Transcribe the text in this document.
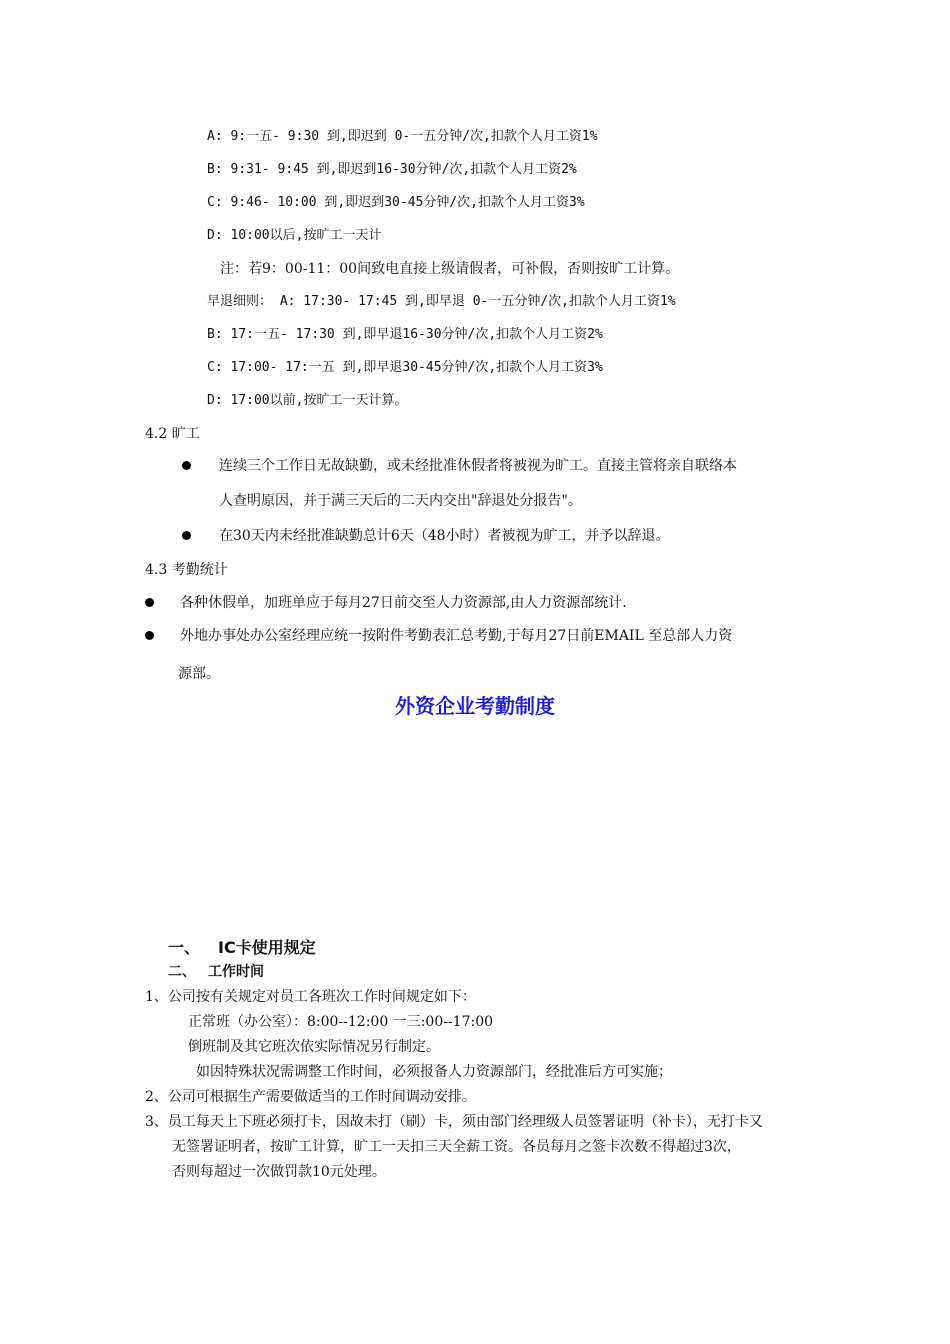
A: 9:一五- 9:30 到,即迟到 0-一五分钟/次,扣款个人月工资1%
B: 9:31- 9:45 到,即迟到16-30分钟/次,扣款个人月工资2%
C: 9:46- 10:00 到,即迟到30-45分钟/次,扣款个人月工资3%
D: 10:00以后,按旷工一天计
注：若9：00-11：00间致电直接上级请假者，可补假，否则按旷工计算。
早退细则： A: 17:30- 17:45 到,即早退 0-一五分钟/次,扣款个人月工资1%
B: 17:一五- 17:30 到,即早退16-30分钟/次,扣款个人月工资2%
C: 17:00- 17:一五 到,即早退30-45分钟/次,扣款个人月工资3%
D: 17:00以前,按旷工一天计算。
4.2 旷工
连续三个工作日无故缺勤，或未经批准休假者将被视为旷工。直接主管将亲自联络本
人查明原因，并于满三天后的二天内交出"辞退处分报告"。
在30天内未经批准缺勤总计6天（48小时）者被视为旷工，并予以辞退。
4.3 考勤统计
各种休假单，加班单应于每月27日前交至人力资源部,由人力资源部统计.
外地办事处办公室经理应统一按附件考勤表汇总考勤,于每月27日前EMAIL 至总部人力资
源部。
外资企业考勤制度
一、 IC卡使用规定
二、 工作时间
1、公司按有关规定对员工各班次工作时间规定如下：
正常班（办公室）：8:00--12:00 一三:00--17:00
倒班制及其它班次依实际情况另行制定。
如因特殊状况需调整工作时间，必须报备人力资源部门，经批准后方可实施；
2、公司可根据生产需要做适当的工作时间调动安排。
3、员工每天上下班必须打卡，因故未打（刷）卡，须由部门经理级人员签署证明（补卡），无打卡又
无签署证明者，按旷工计算，旷工一天扣三天全薪工资。各员每月之签卡次数不得超过3次，
否则每超过一次做罚款10元处理。
